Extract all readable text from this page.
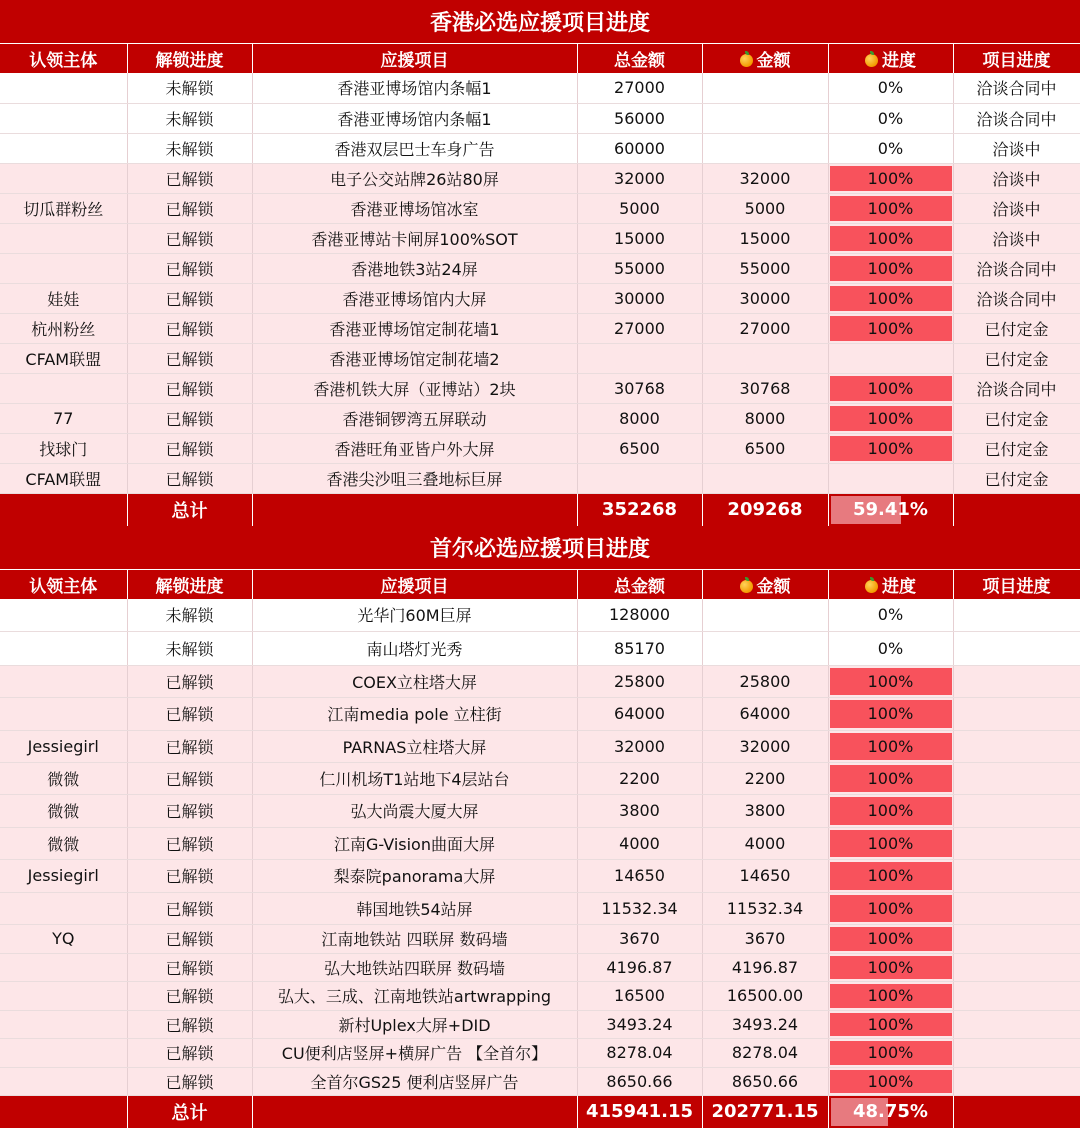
香港必选应援项目进度						
认领主体	解锁进度	应援项目	总金额	金额	进度	项目进度
	未解锁	香港亚博场馆内条幅1	27000		0%	洽谈合同中
	未解锁	香港亚博场馆内条幅1	56000		0%	洽谈合同中
	未解锁	香港双层巴士车身广告	60000		0%	洽谈中
	已解锁	电子公交站牌26站80屏	32000	32000	100%	洽谈中
切瓜群粉丝	已解锁	香港亚博场馆冰室	5000	5000	100%	洽谈中
	已解锁	香港亚博站卡闸屏100%SOT	15000	15000	100%	洽谈中
	已解锁	香港地铁3站24屏	55000	55000	100%	洽谈合同中
娃娃	已解锁	香港亚博场馆内大屏	30000	30000	100%	洽谈合同中
杭州粉丝	已解锁	香港亚博场馆定制花墙1	27000	27000	100%	已付定金
CFAM联盟	已解锁	香港亚博场馆定制花墙2				已付定金
	已解锁	香港机铁大屏（亚博站）2块	30768	30768	100%	洽谈合同中
77	已解锁	香港铜锣湾五屏联动	8000	8000	100%	已付定金
找球门	已解锁	香港旺角亚皆户外大屏	6500	6500	100%	已付定金
CFAM联盟	已解锁	香港尖沙咀三叠地标巨屏				已付定金
	总计		352268	209268	59.41%	
首尔必选应援项目进度						
认领主体	解锁进度	应援项目	总金额	金额	进度	项目进度
	未解锁	光华门60M巨屏	128000		0%	
	未解锁	南山塔灯光秀	85170		0%	
	已解锁	COEX立柱塔大屏	25800	25800	100%	
	已解锁	江南media pole 立柱街	64000	64000	100%	
Jessiegirl	已解锁	PARNAS立柱塔大屏	32000	32000	100%	
微微	已解锁	仁川机场T1站地下4层站台	2200	2200	100%	
微微	已解锁	弘大尚震大厦大屏	3800	3800	100%	
微微	已解锁	江南G-Vision曲面大屏	4000	4000	100%	
Jessiegirl	已解锁	梨泰院panorama大屏	14650	14650	100%	
	已解锁	韩国地铁54站屏	11532.34	11532.34	100%	
YQ	已解锁	江南地铁站 四联屏 数码墙	3670	3670	100%	
	已解锁	弘大地铁站四联屏 数码墙	4196.87	4196.87	100%	
	已解锁	弘大、三成、江南地铁站artwrapping	16500	16500.00	100%	
	已解锁	新村Uplex大屏+DID	3493.24	3493.24	100%	
	已解锁	CU便利店竖屏+横屏广告 【全首尔】	8278.04	8278.04	100%	
	已解锁	全首尔GS25 便利店竖屏广告	8650.66	8650.66	100%	
	总计		415941.15	202771.15	48.75%	
